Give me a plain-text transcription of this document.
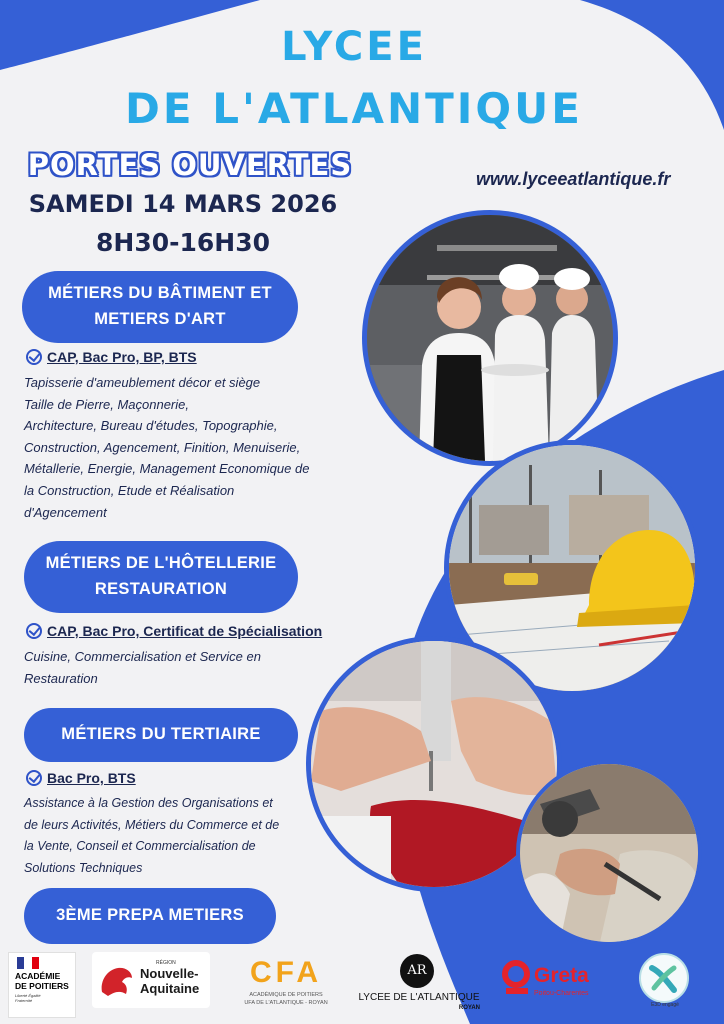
LYCEE
DE L'ATLANTIQUE
PORTES OUVERTES
SAMEDI 14 MARS 2026
8H30-16H30
www.lyceeatlantique.fr
MÉTIERS DU BÂTIMENT ET
METIERS D'ART
CAP, Bac Pro, BP, BTS
Tapisserie d'ameublement décor et siège
Taille de Pierre, Maçonnerie,
Architecture, Bureau d'études, Topographie,
Construction, Agencement, Finition, Menuiserie,
Métallerie, Energie, Management Economique de
la Construction, Etude et Réalisation
d'Agencement
MÉTIERS DE L'HÔTELLERIE
RESTAURATION
CAP, Bac Pro, Certificat de Spécialisation
Cuisine, Commercialisation et Service en
Restauration
MÉTIERS DU TERTIAIRE
Bac Pro, BTS
Assistance à la Gestion des Organisations et
de leurs Activités, Métiers du Commerce et de
la Vente, Conseil et Commercialisation de
Solutions Techniques
3ÈME PREPA METIERS
ACADÉMIE
DE POITIERS
Liberté Égalité Fraternité
RÉGION
Nouvelle-
Aquitaine CFA
ACADÉMIQUE DE POITIERS
UFA DE L'ATLANTIQUE - ROYAN
AR
LYCEE DE L'ATLANTIQUE
ROYAN
Greta
Poitou-Charentes
E3D engagé
